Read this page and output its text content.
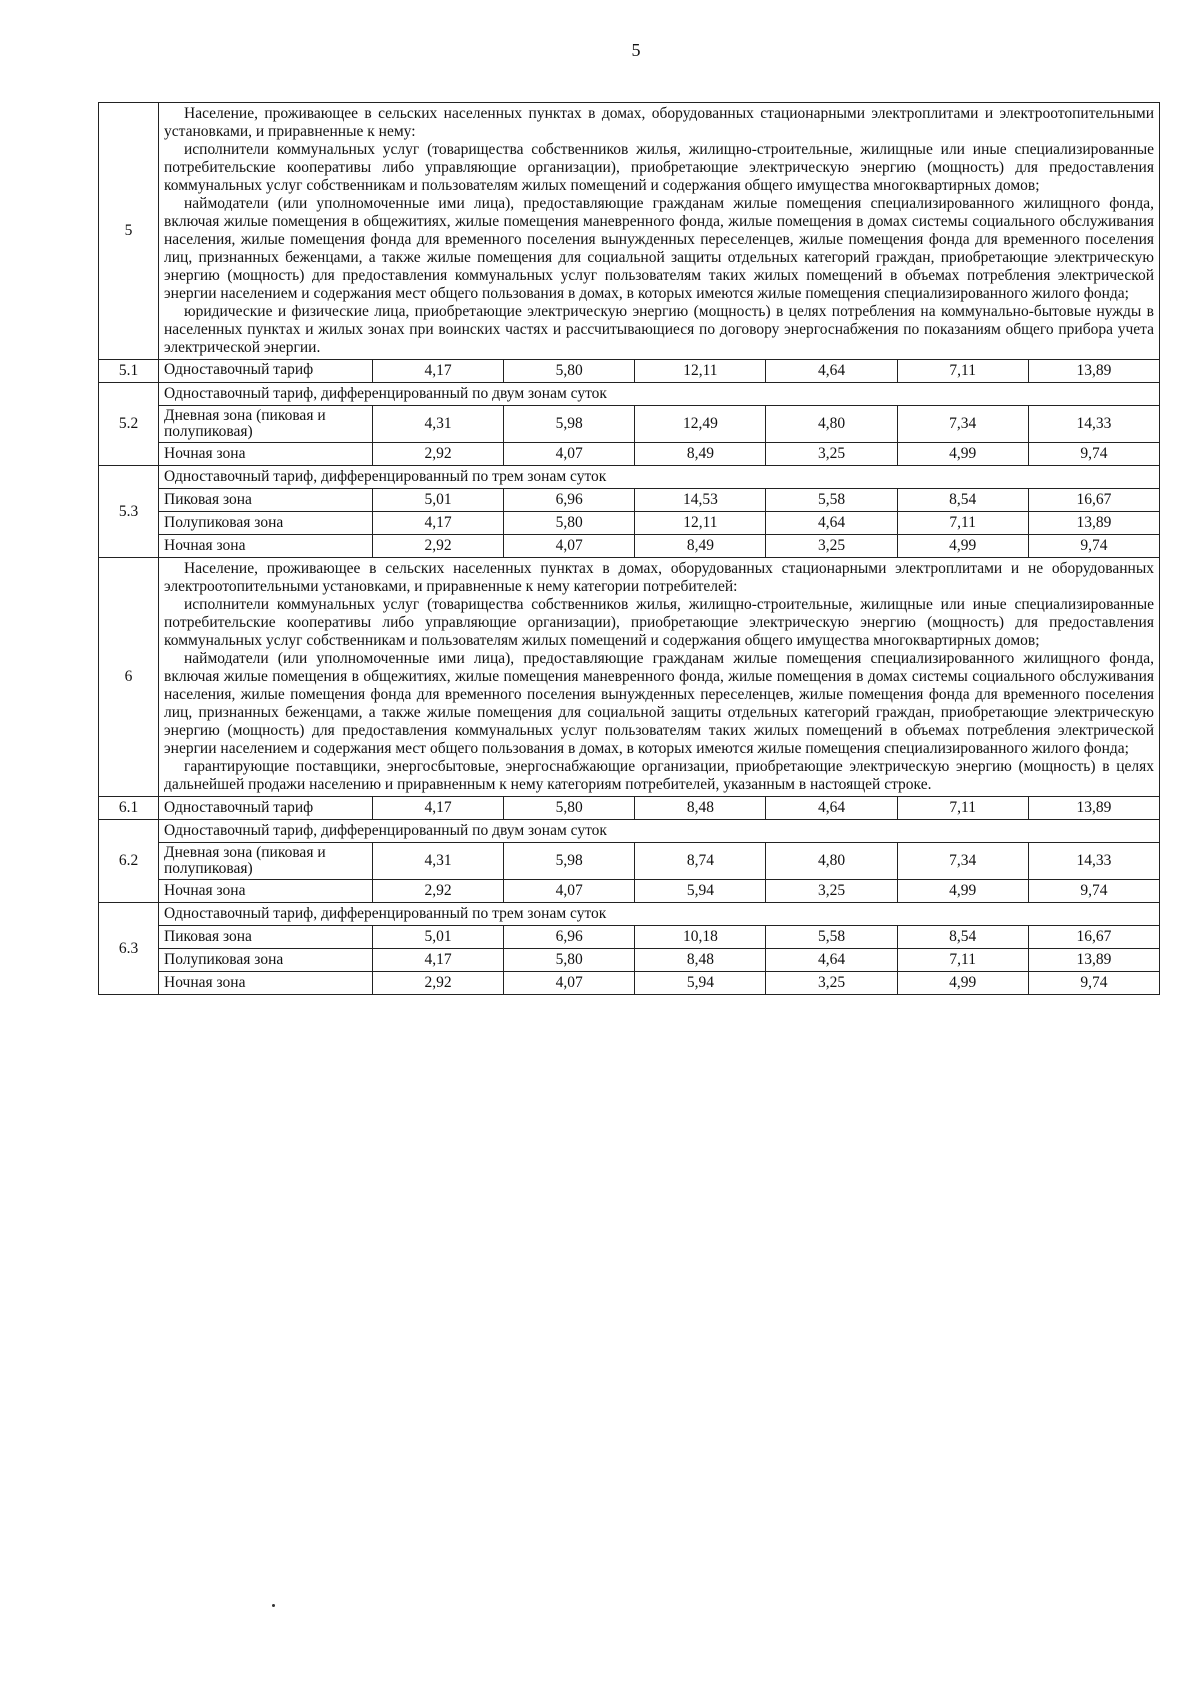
5
5	Население, проживающее в сельских населенных пунктах в домах, оборудованных стационарными электроплитами и электроотопительными установками, и приравненные к нему:

исполнители коммунальных услуг (товарищества собственников жилья, жилищно-строительные, жилищные или иные специализированные потребительские кооперативы либо управляющие организации), приобретающие электрическую энергию (мощность) для предоставления коммунальных услуг собственникам и пользователям жилых помещений и содержания общего имущества многоквартирных домов;

наймодатели (или уполномоченные ими лица), предоставляющие гражданам жилые помещения специализированного жилищного фонда, включая жилые помещения в общежитиях, жилые помещения маневренного фонда, жилые помещения в домах системы социального обслуживания населения, жилые помещения фонда для временного поселения вынужденных переселенцев, жилые помещения фонда для временного поселения лиц, признанных беженцами, а также жилые помещения для социальной защиты отдельных категорий граждан, приобретающие электрическую энергию (мощность) для предоставления коммунальных услуг пользователям таких жилых помещений в объемах потребления электрической энергии населением и содержания мест общего пользования в домах, в которых имеются жилые помещения специализированного жилого фонда;

юридические и физические лица, приобретающие электрическую энергию (мощность) в целях потребления на коммунально-бытовые нужды в населенных пунктах и жилых зонах при воинских частях и рассчитывающиеся по договору энергоснабжения по показаниям общего прибора учета электрической энергии.						

5.1	Одноставочный тариф	4,17	5,80	12,11	4,64	7,11	13,89
5.2	Одноставочный тариф, дифференцированный по двум зонам суток						
	Дневная зона (пиковая и полупиковая)	4,31	5,98	12,49	4,80	7,34	14,33
	Ночная зона	2,92	4,07	8,49	3,25	4,99	9,74
5.3	Одноставочный тариф, дифференцированный по трем зонам суток						
	Пиковая зона	5,01	6,96	14,53	5,58	8,54	16,67
	Полупиковая зона	4,17	5,80	12,11	4,64	7,11	13,89
	Ночная зона	2,92	4,07	8,49	3,25	4,99	9,74
6	Население, проживающее в сельских населенных пунктах в домах, оборудованных стационарными электроплитами и не оборудованных электроотопительными установками, и приравненные к нему категории потребителей:

исполнители коммунальных услуг (товарищества собственников жилья, жилищно-строительные, жилищные или иные специализированные потребительские кооперативы либо управляющие организации), приобретающие электрическую энергию (мощность) для предоставления коммунальных услуг собственникам и пользователям жилых помещений и содержания общего имущества многоквартирных домов;

наймодатели (или уполномоченные ими лица), предоставляющие гражданам жилые помещения специализированного жилищного фонда, включая жилые помещения в общежитиях, жилые помещения маневренного фонда, жилые помещения в домах системы социального обслуживания населения, жилые помещения фонда для временного поселения вынужденных переселенцев, жилые помещения фонда для временного поселения лиц, признанных беженцами, а также жилые помещения для социальной защиты отдельных категорий граждан, приобретающие электрическую энергию (мощность) для предоставления коммунальных услуг пользователям таких жилых помещений в объемах потребления электрической энергии населением и содержания мест общего пользования в домах, в которых имеются жилые помещения специализированного жилого фонда;

гарантирующие поставщики, энергосбытовые, энергоснабжающие организации, приобретающие электрическую энергию (мощность) в целях дальнейшей продажи населению и приравненным к нему категориям потребителей, указанным в настоящей строке.						

6.1	Одноставочный тариф	4,17	5,80	8,48	4,64	7,11	13,89
6.2	Одноставочный тариф, дифференцированный по двум зонам суток						
	Дневная зона (пиковая и полупиковая)	4,31	5,98	8,74	4,80	7,34	14,33
	Ночная зона	2,92	4,07	5,94	3,25	4,99	9,74
6.3	Одноставочный тариф, дифференцированный по трем зонам суток						
	Пиковая зона	5,01	6,96	10,18	5,58	8,54	16,67
	Полупиковая зона	4,17	5,80	8,48	4,64	7,11	13,89
	Ночная зона	2,92	4,07	5,94	3,25	4,99	9,74
